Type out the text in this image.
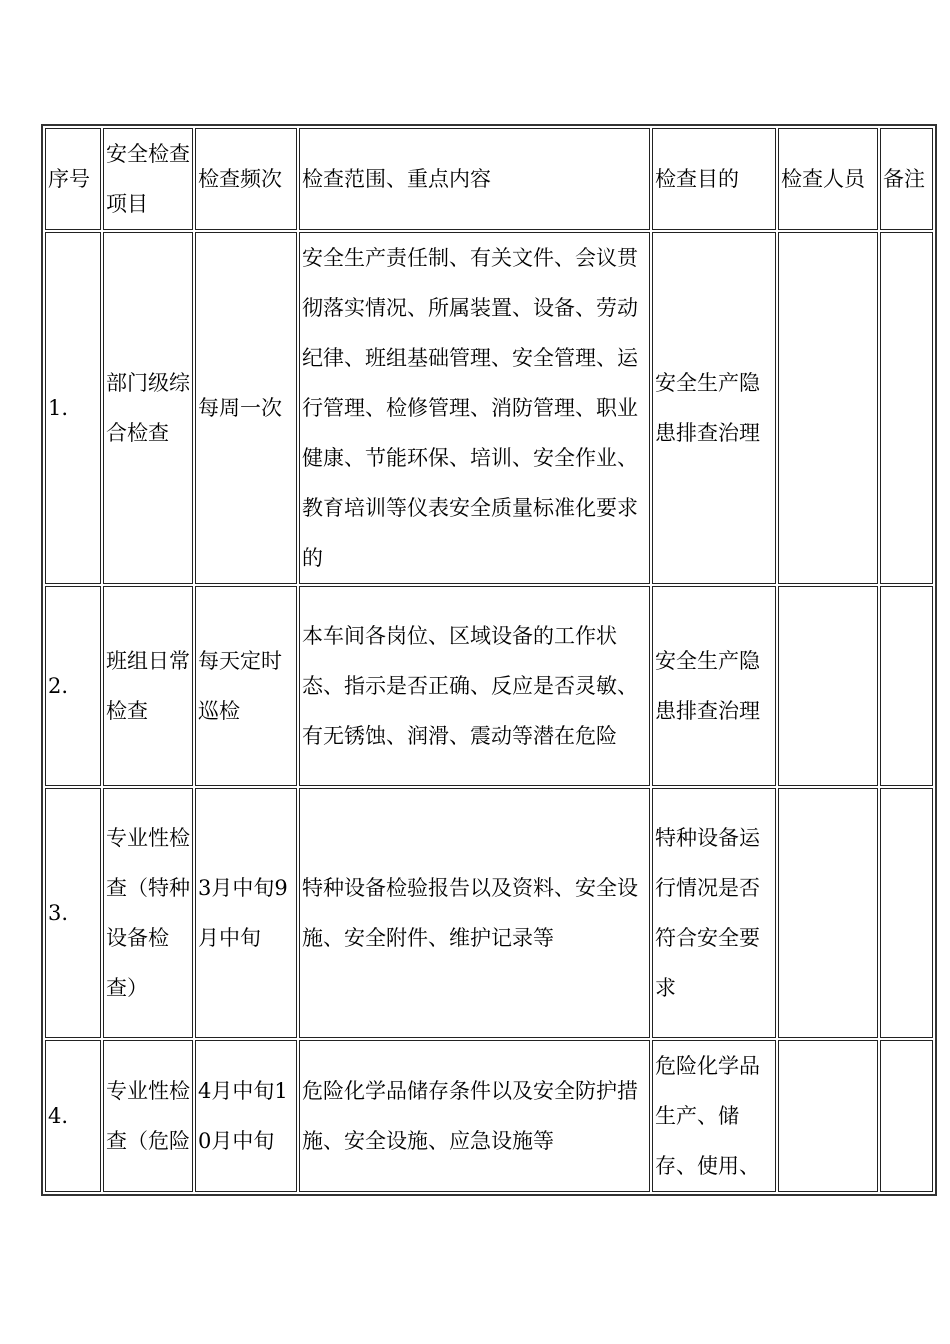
序号	安全检查项目	检查频次	检查范围、重点内容	检查目的	检查人员	备注
1.	部门级综合检查	每周一次	安全生产责任制、有关文件、会议贯彻落实情况、所属装置、设备、劳动纪律、班组基础管理、安全管理、运行管理、检修管理、消防管理、职业健康、节能环保、培训、安全作业、教育培训等仪表安全质量标准化要求的	安全生产隐患排查治理		
2.	班组日常检查	每天定时巡检	本车间各岗位、区域设备的工作状态、指示是否正确、反应是否灵敏、有无锈蚀、润滑、震动等潜在危险	安全生产隐患排查治理		
3.	专业性检查（特种设备检查）	3月中旬9月中旬	特种设备检验报告以及资料、安全设施、安全附件、维护记录等	特种设备运行情况是否符合安全要求		
4.	专业性检查（危险	4月中旬10月中旬	危险化学品储存条件以及安全防护措施、安全设施、应急设施等	危险化学品生产、储存、使用、		
